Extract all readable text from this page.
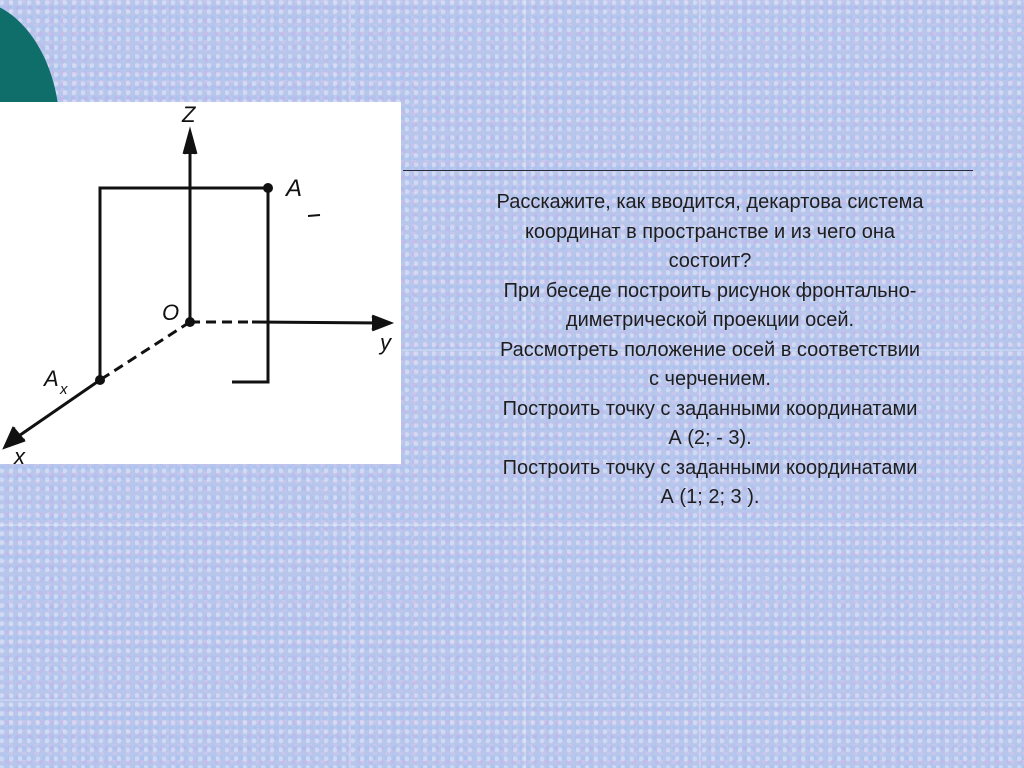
Z
A
O
y
A x
x

Расскажите, как вводится, декартова система
координат в пространстве и из чего она
состоит?

При беседе построить рисунок фронтально-
диметрической проекции осей.

Рассмотреть положение осей в соответствии
с черчением.

Построить точку с заданными координатами
А (2; - 3).

Построить точку с заданными координатами
А (1; 2; 3 ).
